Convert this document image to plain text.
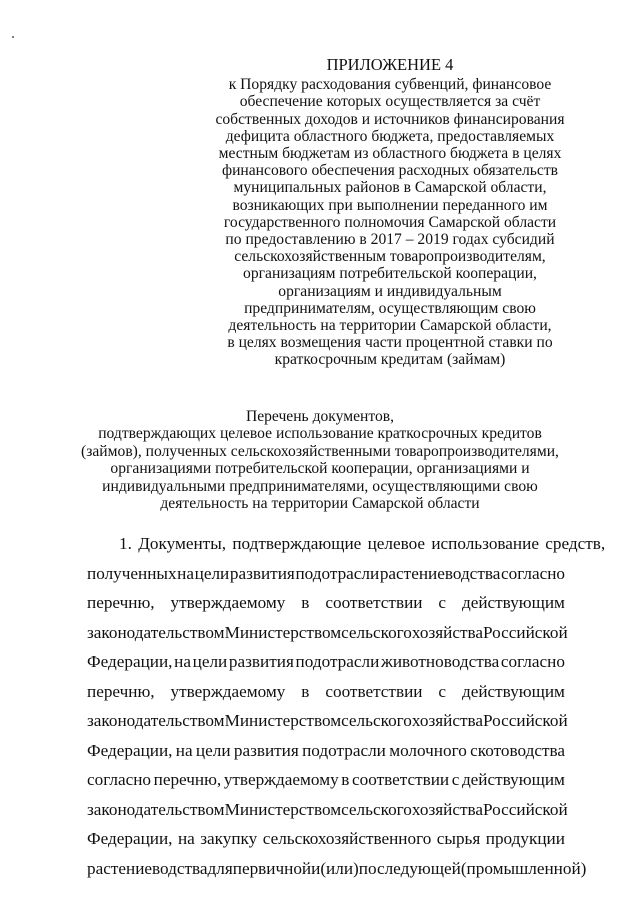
ПРИЛОЖЕНИЕ 4
к Порядку расходования субвенций, финансовое
обеспечение которых осуществляется за счёт
собственных доходов и источников финансирования
дефицита областного бюджета, предоставляемых
местным бюджетам из областного бюджета в целях
финансового обеспечения расходных обязательств
муниципальных районов в Самарской области,
возникающих при выполнении переданного им
государственного полномочия Самарской области
по предоставлению в 2017 – 2019 годах субсидий
сельскохозяйственным товаропроизводителям,
организациям потребительской кооперации,
организациям и индивидуальным
предпринимателям, осуществляющим свою
деятельность на территории Самарской области,
в целях возмещения части процентной ставки по
краткосрочным кредитам (займам)
Перечень документов,
подтверждающих целевое использование краткосрочных кредитов
(займов), полученных сельскохозяйственными товаропроизводителями,
организациями потребительской кооперации, организациями и
индивидуальными предпринимателями, осуществляющими свою
деятельность на территории Самарской области
1. Документы, подтверждающие целевое использование средств,
полученных на цели развития подотрасли растениеводства согласно
перечню, утверждаемому в соответствии с действующим
законодательством Министерством сельского хозяйства Российской
Федерации, на цели развития подотрасли животноводства согласно
перечню, утверждаемому в соответствии с действующим
законодательством Министерством сельского хозяйства Российской
Федерации, на цели развития подотрасли молочного скотоводства
согласно перечню, утверждаемому в соответствии с действующим
законодательством Министерством сельского хозяйства Российской
Федерации, на закупку сельскохозяйственного сырья продукции
растениеводства для первичной и (или) последующей (промышленной)
